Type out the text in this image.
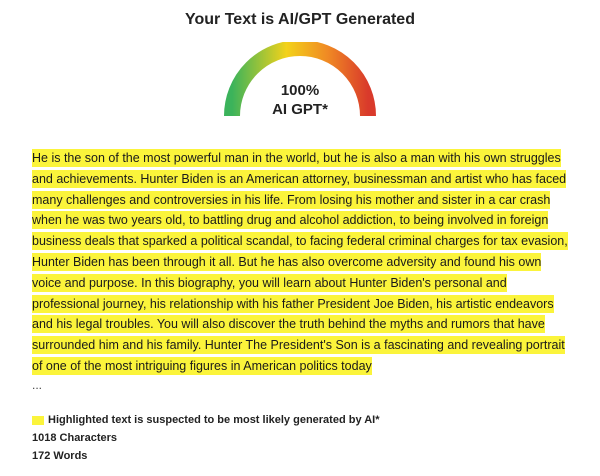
Your Text is AI/GPT Generated
100%
AI GPT*
He is the son of the most powerful man in the world, but he is also a man with his own struggles and achievements. Hunter Biden is an American attorney, businessman and artist who has faced many challenges and controversies in his life. From losing his mother and sister in a car crash when he was two years old, to battling drug and alcohol addiction, to being involved in foreign business deals that sparked a political scandal, to facing federal criminal charges for tax evasion, Hunter Biden has been through it all. But he has also overcome adversity and found his own voice and purpose. In this biography, you will learn about Hunter Biden's personal and professional journey, his relationship with his father President Joe Biden, his artistic endeavors and his legal troubles. You will also discover the truth behind the myths and rumors that have surrounded him and his family. Hunter The President's Son is a fascinating and revealing portrait of one of the most intriguing figures in American politics today
...
Highlighted text is suspected to be most likely generated by AI*
1018 Characters
172 Words
